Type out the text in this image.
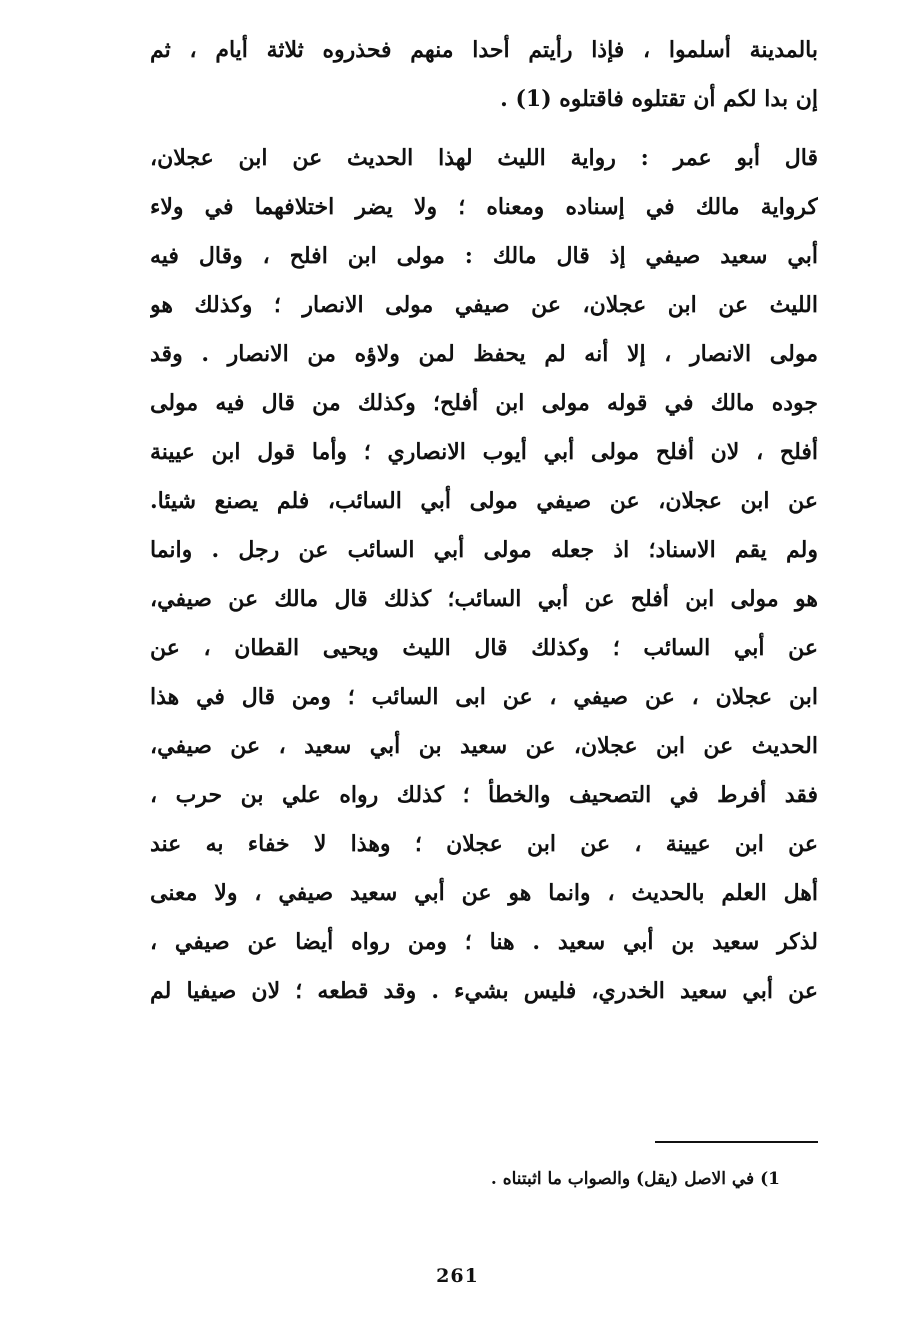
بالمدينة أسلموا ، فإذا رأيتم أحدا منهم فحذروه ثلاثة أيام ، ثم
إن بدا لكم أن تقتلوه فاقتلوه (1) .
قال أبو عمر : رواية الليث لهذا الحديث عن ابن عجلان،
كرواية مالك في إسناده ومعناه ؛ ولا يضر اختلافهما في ولاء
أبي سعيد صيفي إذ قال مالك : مولى ابن افلح ، وقال فيه
الليث عن ابن عجلان، عن صيفي مولى الانصار ؛ وكذلك هو
مولى الانصار ، إلا أنه لم يحفظ لمن ولاؤه من الانصار . وقد
جوده مالك في قوله مولى ابن أفلح؛ وكذلك من قال فيه مولى
أفلح ، لان أفلح مولى أبي أيوب الانصاري ؛ وأما قول ابن عيينة
عن ابن عجلان، عن صيفي مولى أبي السائب، فلم يصنع شيئا.
ولم يقم الاسناد؛ اذ جعله مولى أبي السائب عن رجل . وانما
هو مولى ابن أفلح عن أبي السائب؛ كذلك قال مالك عن صيفي،
عن أبي السائب ؛ وكذلك قال الليث ويحيى القطان ، عن
ابن عجلان ، عن صيفي ، عن ابى السائب ؛ ومن قال في هذا
الحديث عن ابن عجلان، عن سعيد بن أبي سعيد ، عن صيفي،
فقد أفرط في التصحيف والخطأ ؛ كذلك رواه علي بن حرب ،
عن ابن عيينة ، عن ابن عجلان ؛ وهذا لا خفاء به عند
أهل العلم بالحديث ، وانما هو عن أبي سعيد صيفي ، ولا معنى
لذكر سعيد بن أبي سعيد . هنا ؛ ومن رواه أيضا عن صيفي ،
عن أبي سعيد الخدري، فليس بشيء . وقد قطعه ؛ لان صيفيا لم
1) في الاصل (يقل) والصواب ما اثبتناه .
261
